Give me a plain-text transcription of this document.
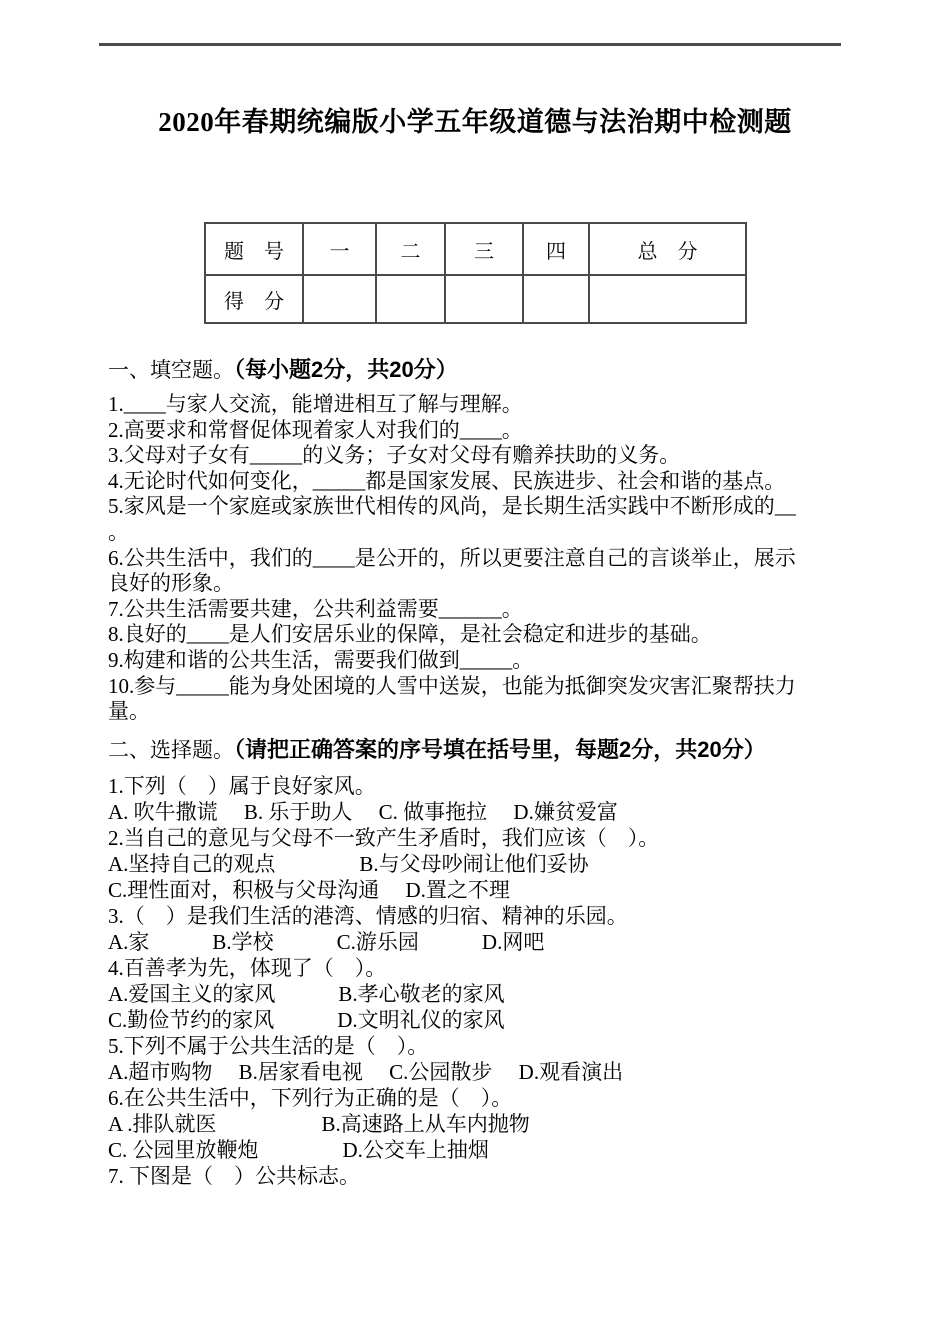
2020年春期统编版小学五年级道德与法治期中检测题
题　号	一	二	三	四	总　分
得　分					
一、填空题。（每小题2分，共20分）
1.____与家人交流，能增进相互了解与理解。
2.高要求和常督促体现着家人对我们的____。
3.父母对子女有_____的义务；子女对父母有赡养扶助的义务。
4.无论时代如何变化，_____都是国家发展、民族进步、社会和谐的基点。
5.家风是一个家庭或家族世代相传的风尚，是长期生活实践中不断形成的__
。
6.公共生活中，我们的____是公开的，所以更要注意自己的言谈举止，展示
良好的形象。
7.公共生活需要共建，公共利益需要______。
8.良好的____是人们安居乐业的保障，是社会稳定和进步的基础。
9.构建和谐的公共生活，需要我们做到_____。
10.参与_____能为身处困境的人雪中送炭，也能为抵御突发灾害汇聚帮扶力
量。
二、选择题。（请把正确答案的序号填在括号里，每题2分，共20分）
1.下列（　）属于良好家风。
A. 吹牛撒谎　 B. 乐于助人　 C. 做事拖拉　 D.嫌贫爱富
2.当自己的意见与父母不一致产生矛盾时，我们应该（　）。
A.坚持自己的观点　　　　B.与父母吵闹让他们妥协
C.理性面对，积极与父母沟通　 D.置之不理
3.（　）是我们生活的港湾、情感的归宿、精神的乐园。
A.家　　　B.学校　　　C.游乐园　　　D.网吧
4.百善孝为先，体现了（　）。
A.爱国主义的家风　　　B.孝心敬老的家风
C.勤俭节约的家风　　　D.文明礼仪的家风
5.下列不属于公共生活的是（　）。
A.超市购物　 B.居家看电视　 C.公园散步　 D.观看演出
6.在公共生活中，下列行为正确的是（　）。
A .排队就医　　　　　B.高速路上从车内抛物
C. 公园里放鞭炮　　　　D.公交车上抽烟
7. 下图是（　）公共标志。
